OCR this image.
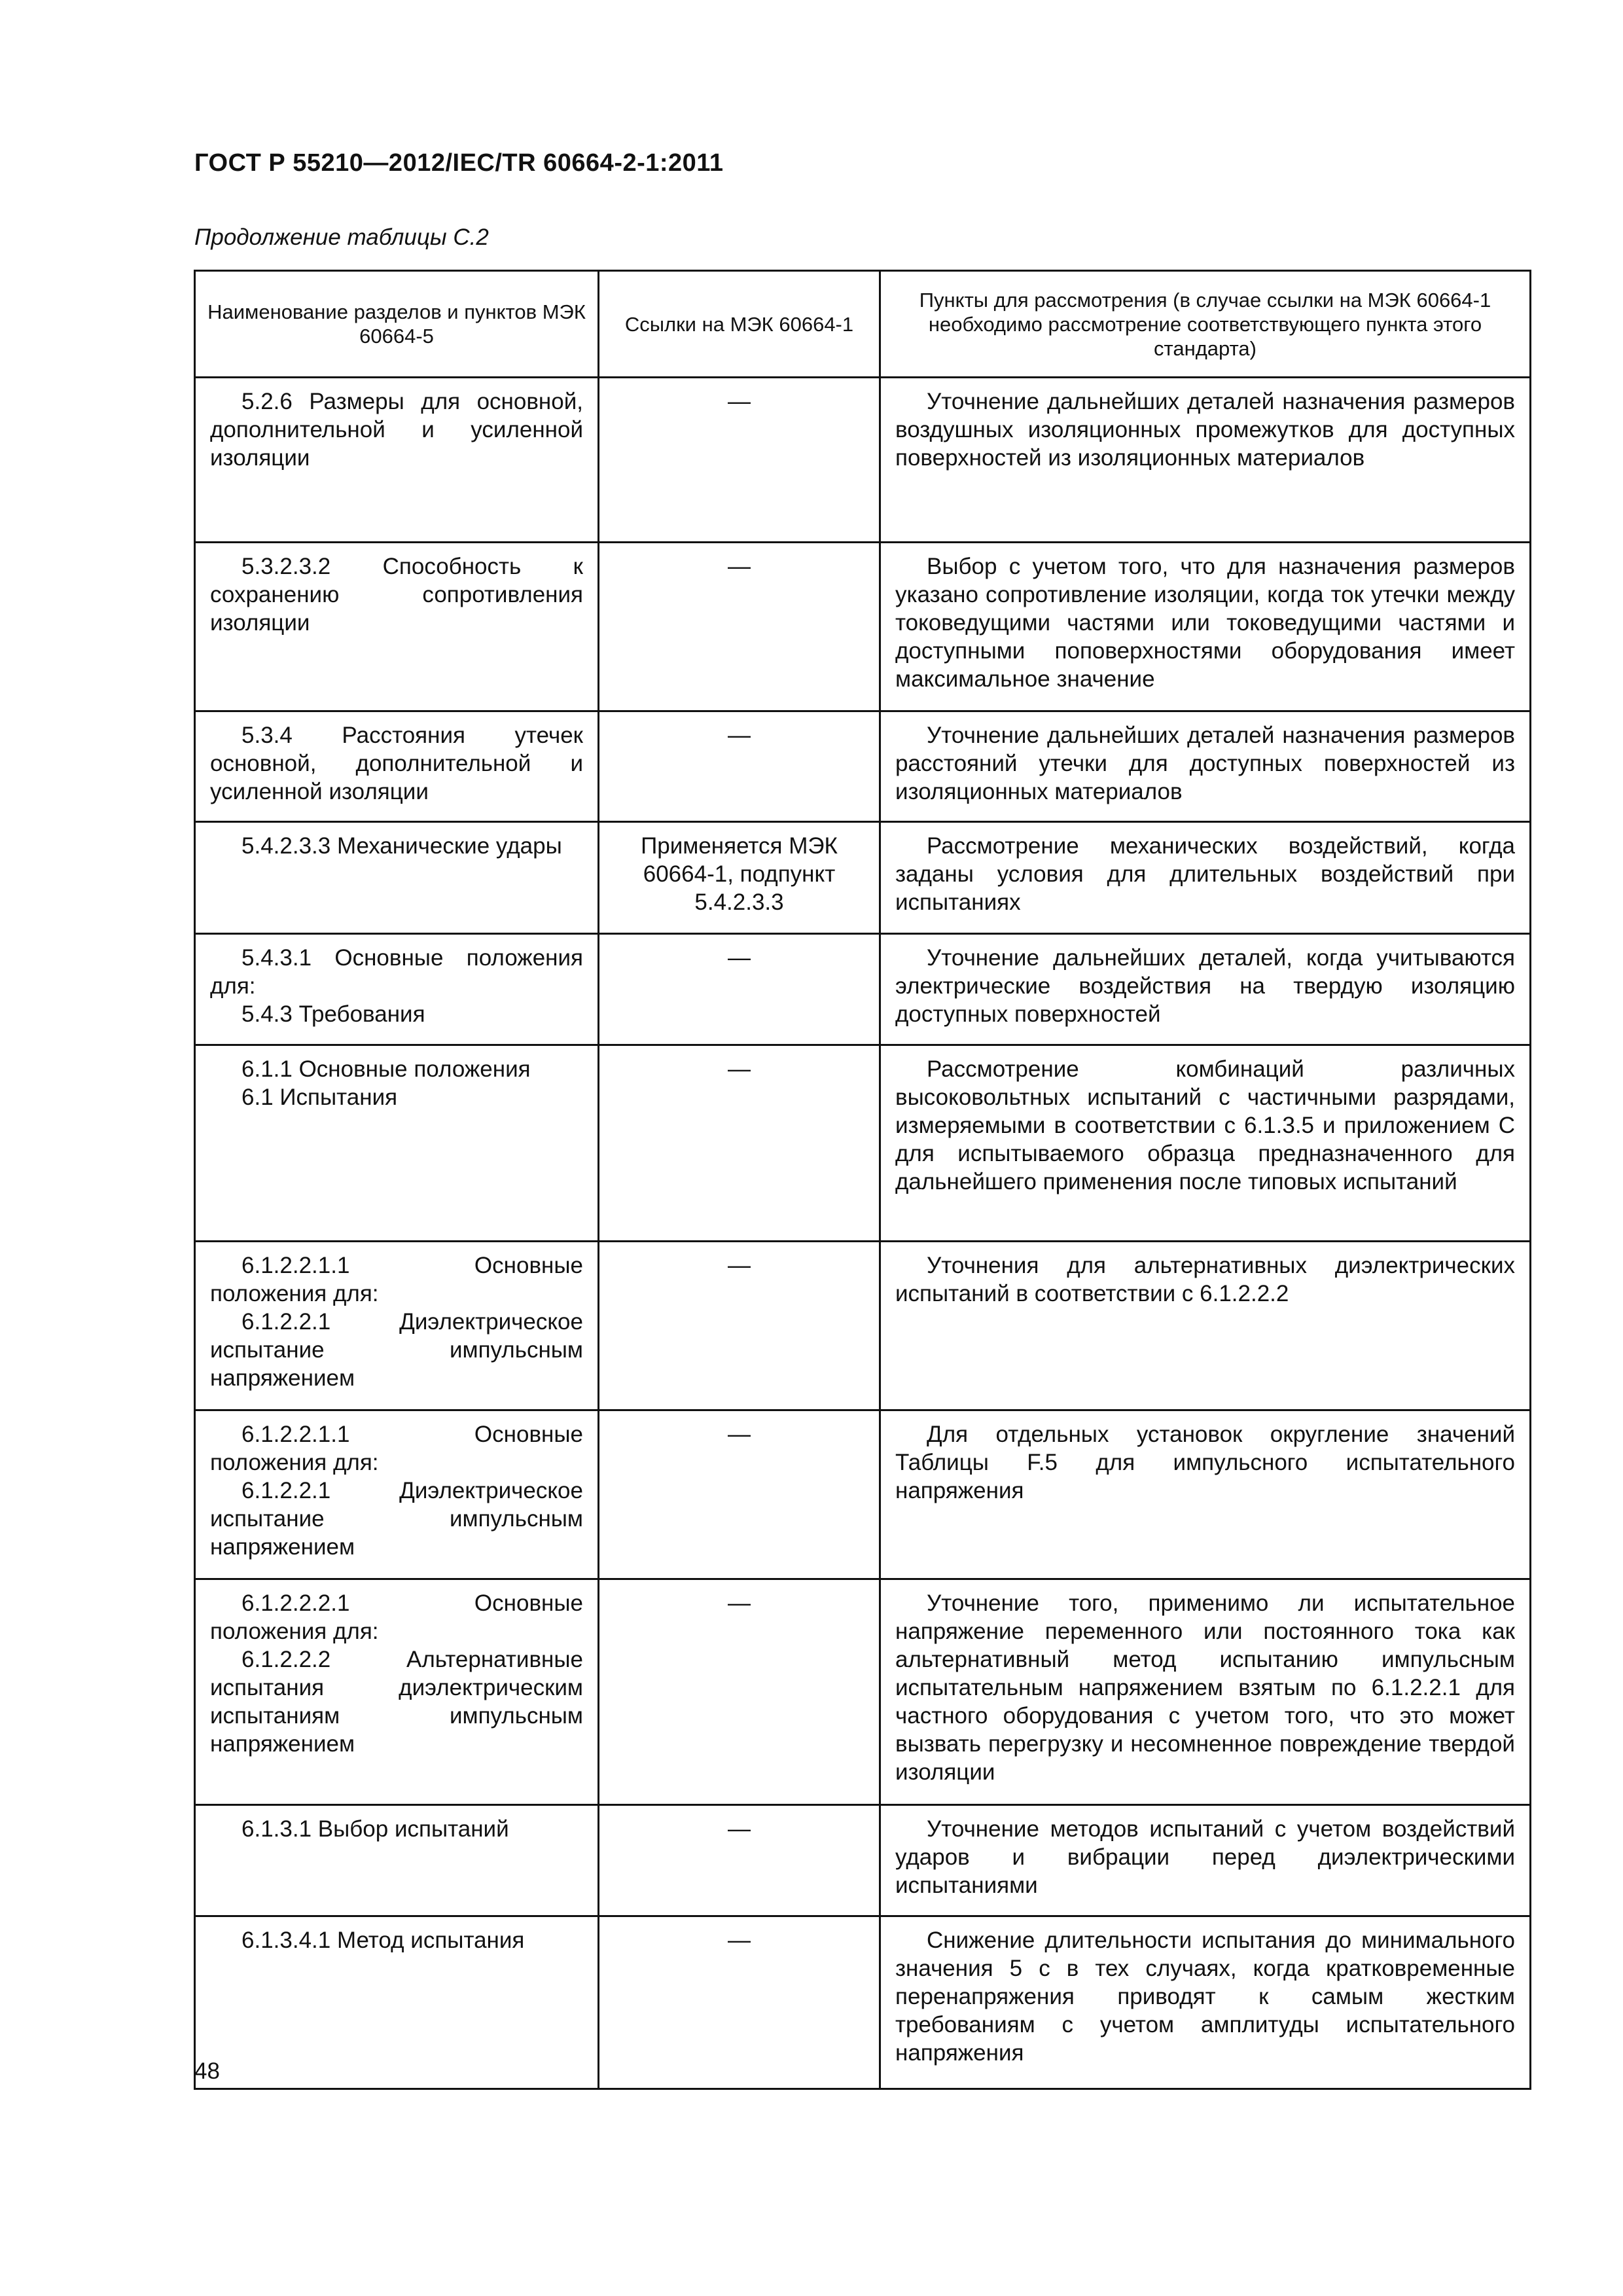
ГОСТ Р 55210—2012/IEC/TR 60664-2-1:2011
Продолжение таблицы С.2
Наименование разделов и пунктов МЭК 60664-5	Ссылки на МЭК 60664-1	Пункты для рассмотрения (в случае ссылки на МЭК 60664-1 необходимо рассмотрение соответствующего пункта этого стандарта)

5.2.6 Размеры для основной, дополнительной и усиленной изоляции	—	Уточнение дальнейших деталей назначения размеров воздушных изоляционных промежутков для доступных поверхностей из изоляционных материалов

5.3.2.3.2 Способность к сохранению сопротивления изоляции	—	Выбор с учетом того, что для назначения размеров указано сопротивление изоляции, когда ток утечки между токоведущими частями или токоведущими частями и доступными поповерхностями оборудования имеет максимальное значение

5.3.4 Расстояния утечек основной, дополнительной и усиленной изоляции	—	Уточнение дальнейших деталей назначения размеров расстояний утечки для доступных поверхностей из изоляционных материалов

5.4.2.3.3 Механические удары	Применяется МЭК 60664-1, подпункт 5.4.2.3.3	Рассмотрение механических воздействий, когда заданы условия для длительных воздействий при испытаниях

5.4.3.1 Основные положения для:
5.4.3 Требования	—	Уточнение дальнейших деталей, когда учитываются электрические воздействия на твердую изоляцию доступных поверхностей

6.1.1 Основные положения
6.1 Испытания	—	Рассмотрение комбинаций различных высоковольтных испытаний с частичными разрядами, измеряемыми в соответствии с 6.1.3.5 и приложением С для испытываемого образца предназначенного для дальнейшего применения после типовых испытаний

6.1.2.2.1.1 Основные положения для:
6.1.2.2.1 Диэлектрическое испытание импульсным напряжением	—	Уточнения для альтернативных диэлектрических испытаний в соответствии с 6.1.2.2.2

6.1.2.2.1.1 Основные положения для:
6.1.2.2.1 Диэлектрическое испытание импульсным напряжением	—	Для отдельных установок округление значений Таблицы F.5 для импульсного испытательного напряжения

6.1.2.2.2.1 Основные положения для:
6.1.2.2.2 Альтернативные испытания диэлектрическим испытаниям импульсным напряжением	—	Уточнение того, применимо ли испытательное напряжение переменного или постоянного тока как альтернативный метод испытанию импульсным испытательным напряжением взятым по 6.1.2.2.1 для частного оборудования с учетом того, что это может вызвать перегрузку и несомненное повреждение твердой изоляции

6.1.3.1 Выбор испытаний	—	Уточнение методов испытаний с учетом воздействий ударов и вибрации перед диэлектрическими испытаниями

6.1.3.4.1 Метод испытания	—	Снижение длительности испытания до минимального значения 5 с в тех случаях, когда кратковременные перенапряжения приводят к самым жестким требованиям с учетом амплитуды испытательного напряжения
48
